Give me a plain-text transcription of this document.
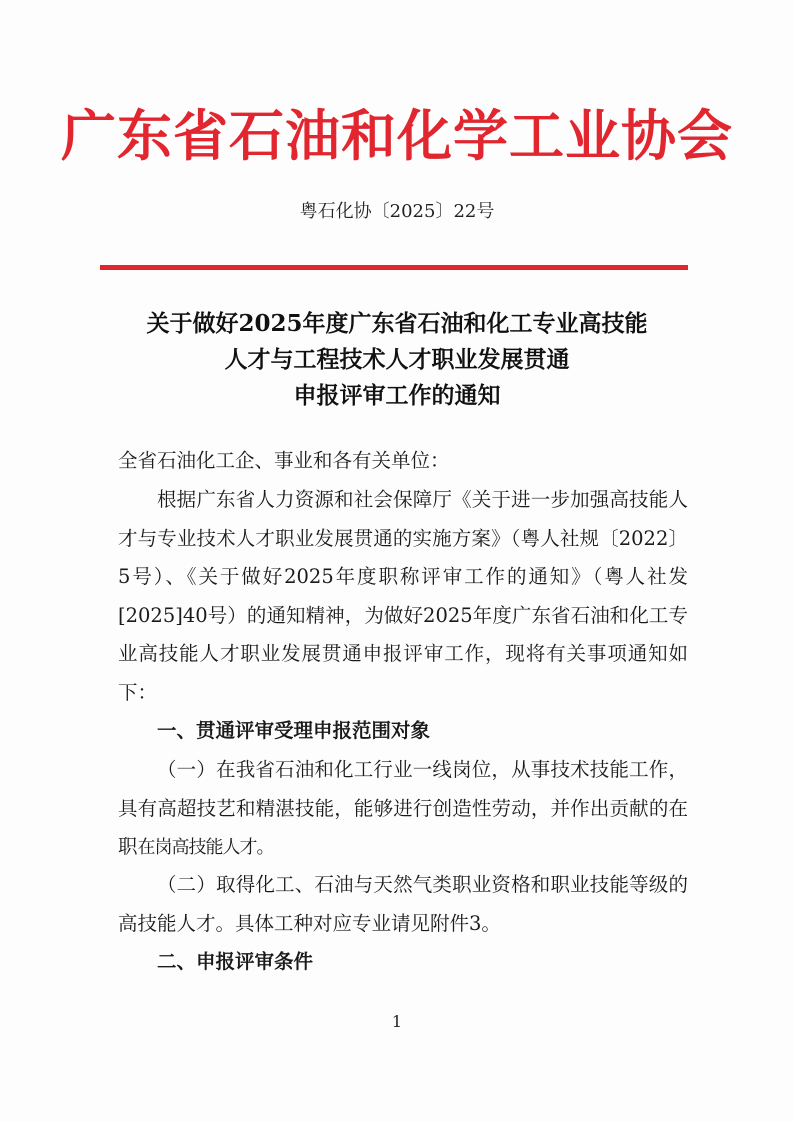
广东省石油和化学工业协会
粤石化协〔2025〕22号
关于做好2025年度广东省石油和化工专业高技能
人才与工程技术人才职业发展贯通
申报评审工作的通知
全省石油化工企、事业和各有关单位：
根据广东省人力资源和社会保障厅《关于进一步加强高技能人才与专业技术人才职业发展贯通的实施方案》（粤人社规〔2022〕5号）、《关于做好2025年度职称评审工作的通知》（粤人社发[2025]40号）的通知精神，为做好2025年度广东省石油和化工专业高技能人才职业发展贯通申报评审工作，现将有关事项通知如下：
一、贯通评审受理申报范围对象
（一）在我省石油和化工行业一线岗位，从事技术技能工作，具有高超技艺和精湛技能，能够进行创造性劳动，并作出贡献的在职在岗高技能人才。
（二）取得化工、石油与天然气类职业资格和职业技能等级的高技能人才。具体工种对应专业请见附件3。
二、申报评审条件
1
